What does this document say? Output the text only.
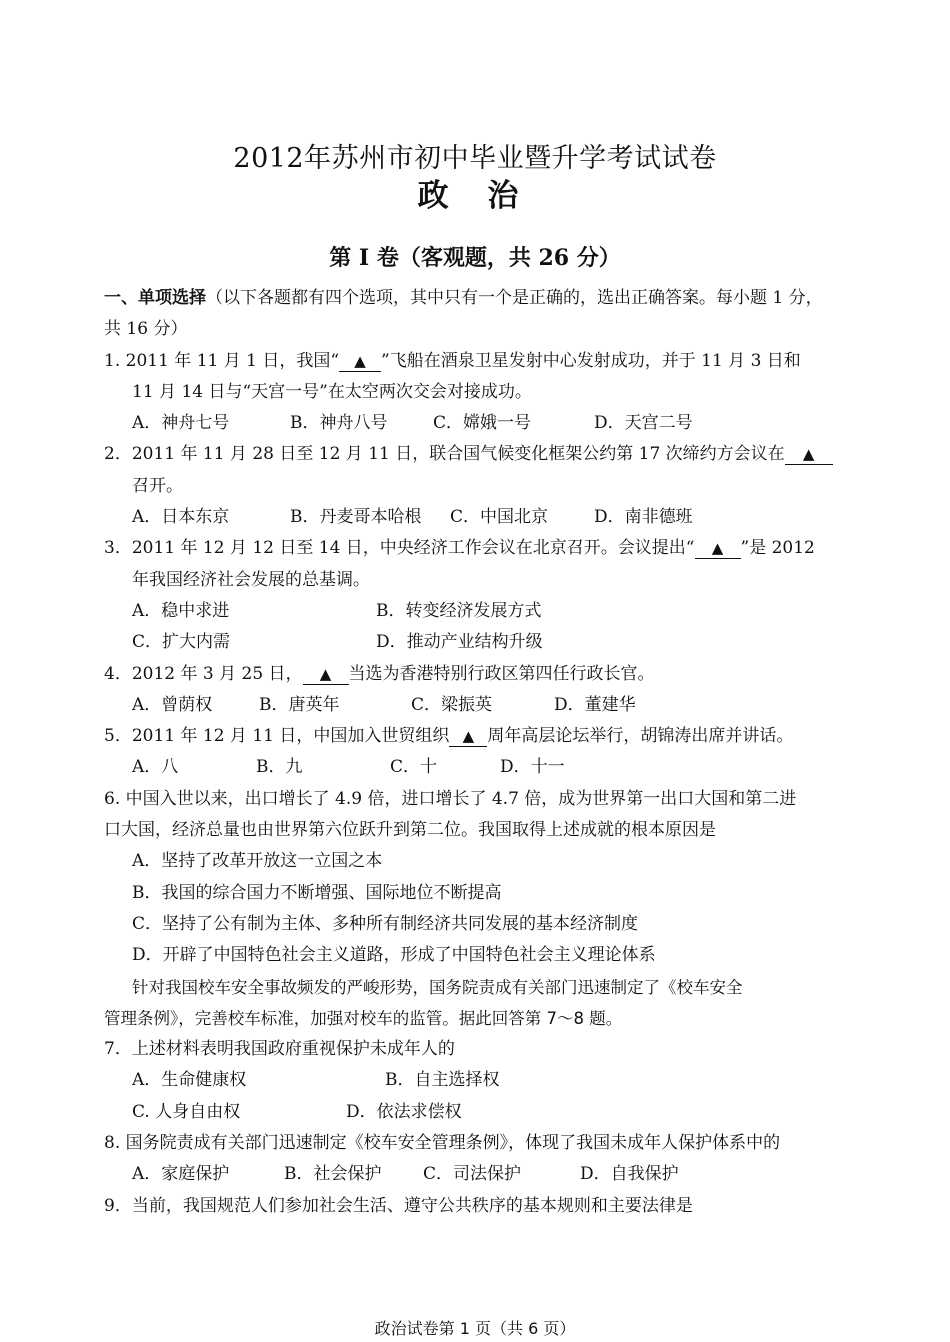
2012年苏州市初中毕业暨升学考试试卷
政 治
第 I 卷（客观题，共 26 分）
一、单项选择（以下各题都有四个选项，其中只有一个是正确的，选出正确答案。每小题 1 分，
共 16 分）
1. 2011 年 11 月 1 日，我国“ ▲ ”飞船在酒泉卫星发射中心发射成功，并于 11 月 3 日和
11 月 14 日与“天宫一号”在太空两次交会对接成功。
A．神舟七号	B．神舟八号	C．嫦娥一号	D．天宫二号
2．2011 年 11 月 28 日至 12 月 11 日，联合国气候变化框架公约第 17 次缔约方会议在 ▲
召开。
A．日本东京	B．丹麦哥本哈根 C．中国北京	D．南非德班
3．2011 年 12 月 12 日至 14 日，中央经济工作会议在北京召开。会议提出“ ▲ ”是 2012
年我国经济社会发展的总基调。
A．稳中求进	B．转变经济发展方式
C．扩大内需	D．推动产业结构升级
4．2012 年 3 月 25 日， ▲ 当选为香港特别行政区第四任行政长官。
A．曾荫权	B．唐英年	C．梁振英	D．董建华
5．2011 年 12 月 11 日，中国加入世贸组织 ▲ 周年高层论坛举行，胡锦涛出席并讲话。
A．八	B．九	C．十	D．十一
6. 中国入世以来，出口增长了 4.9 倍，进口增长了 4.7 倍，成为世界第一出口大国和第二进
口大国，经济总量也由世界第六位跃升到第二位。我国取得上述成就的根本原因是
A．坚持了改革开放这一立国之本
B．我国的综合国力不断增强、国际地位不断提高
C．坚持了公有制为主体、多种所有制经济共同发展的基本经济制度
D．开辟了中国特色社会主义道路，形成了中国特色社会主义理论体系
针对我国校车安全事故频发的严峻形势，国务院责成有关部门迅速制定了《校车安全
管理条例》，完善校车标准，加强对校车的监管。据此回答第 7～8 题。
7．上述材料表明我国政府重视保护未成年人的
A．生命健康权	B．自主选择权
C. 人身自由权	D．依法求偿权
8. 国务院责成有关部门迅速制定《校车安全管理条例》，体现了我国未成年人保护体系中的
A．家庭保护	B．社会保护 C．司法保护	D．自我保护
9．当前，我国规范人们参加社会生活、遵守公共秩序的基本规则和主要法律是
政治试卷第 1 页（共 6 页）
